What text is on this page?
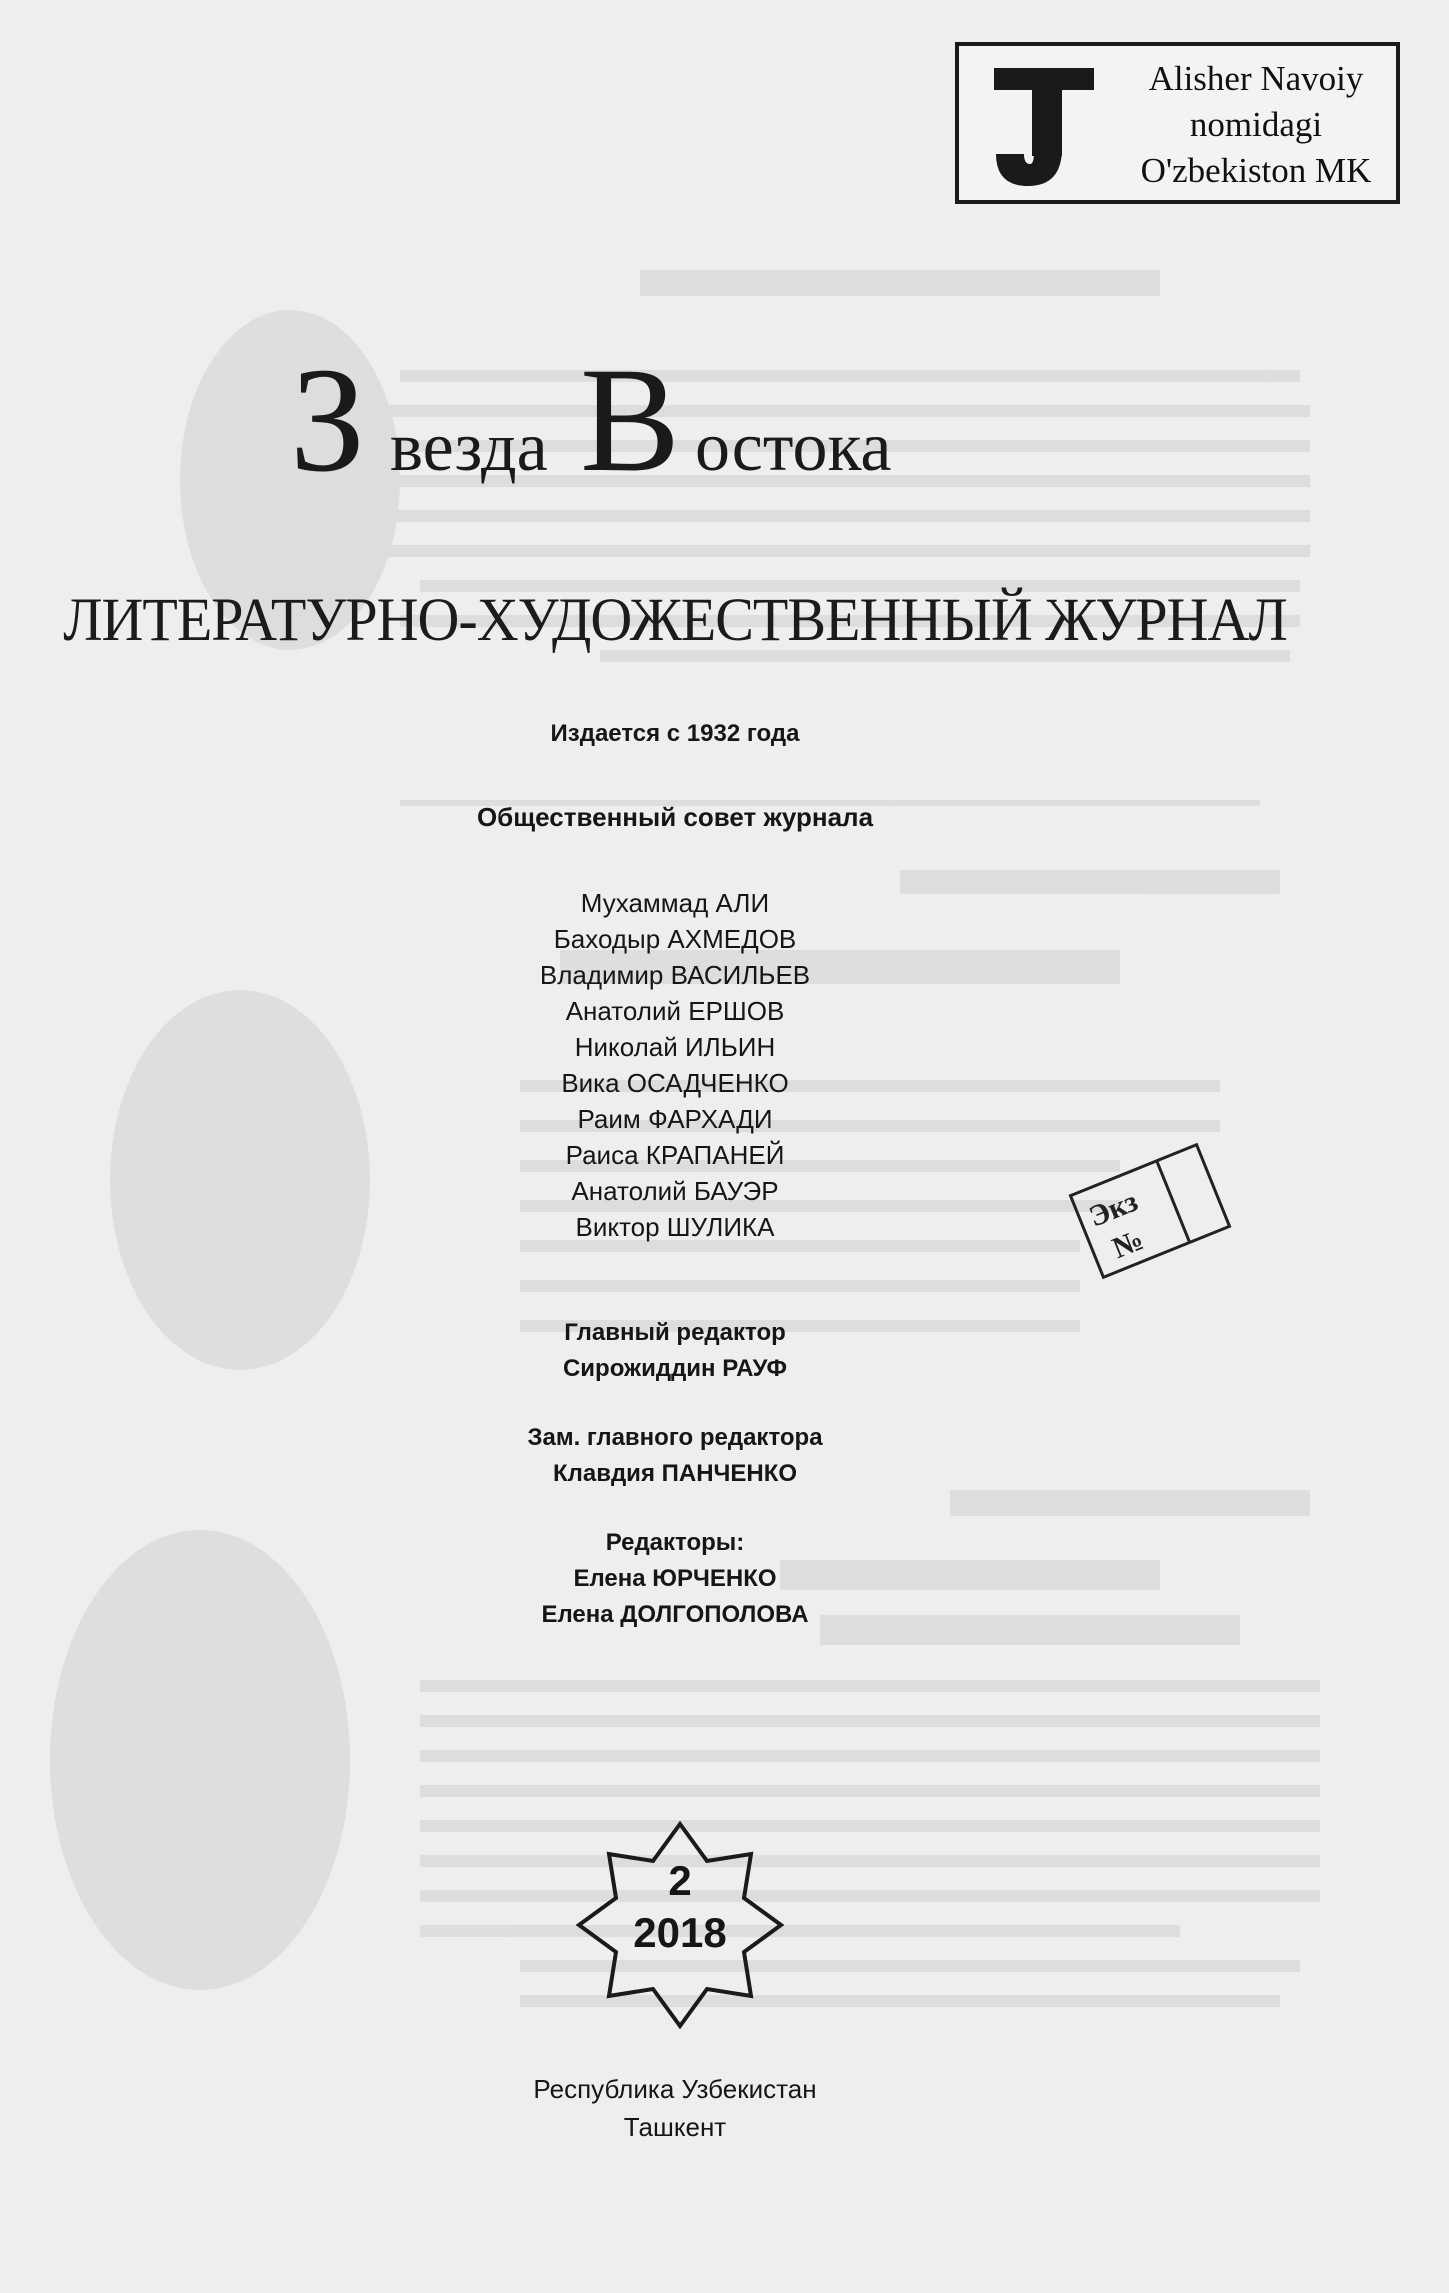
Alisher Navoiy
nomidagi
O'zbekiston MK
З везда В остока
ЛИТЕРАТУРНО-ХУДОЖЕСТВЕННЫЙ ЖУРНАЛ
Издается с 1932 года
Общественный совет журнала
Мухаммад АЛИ
Баходыр АХМЕДОВ
Владимир ВАСИЛЬЕВ
Анатолий ЕРШОВ
Николай ИЛЬИН
Вика ОСАДЧЕНКО
Раим ФАРХАДИ
Раиса КРАПАНЕЙ
Анатолий БАУЭР
Виктор ШУЛИКА
Главный редактор
Сирожиддин РАУФ
Зам. главного редактора
Клавдия ПАНЧЕНКО
Редакторы:
Елена ЮРЧЕНКО
Елена ДОЛГОПОЛОВА
Экз
№
2
2018
Республика Узбекистан
Ташкент
